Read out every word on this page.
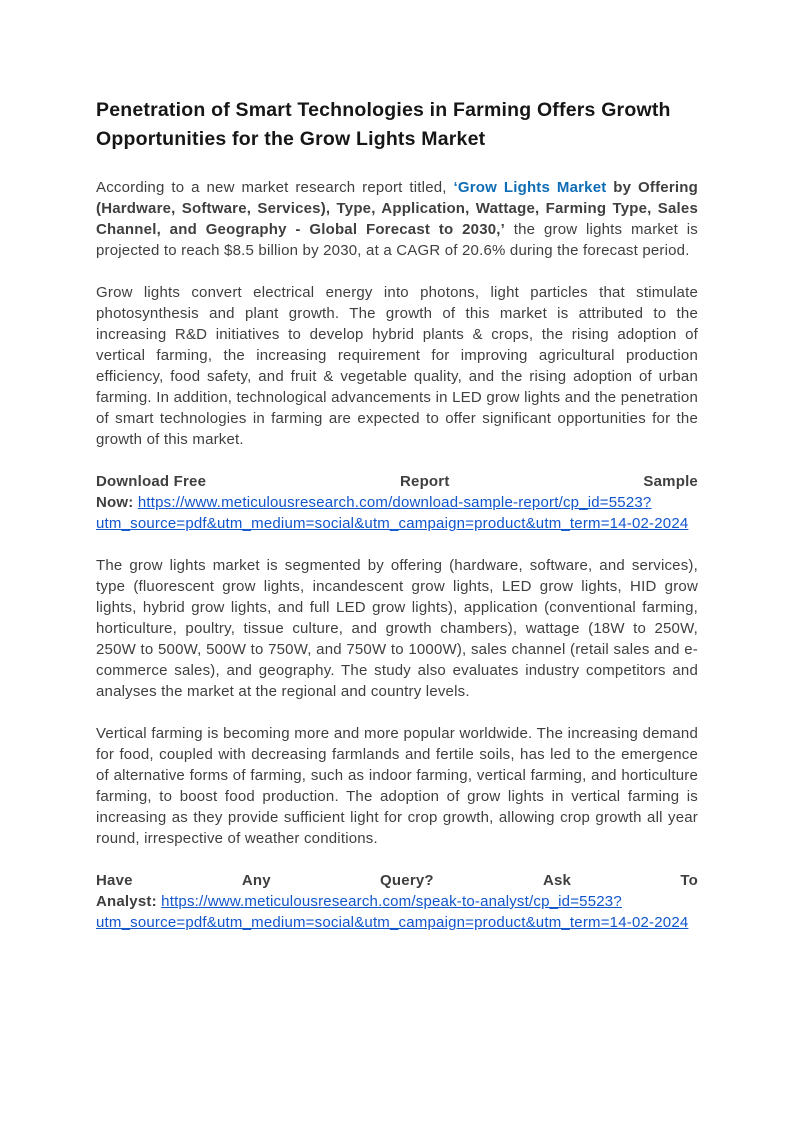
Penetration of Smart Technologies in Farming Offers Growth Opportunities for the Grow Lights Market

According to a new market research report titled, ‘Grow Lights Market by Offering (Hardware, Software, Services), Type, Application, Wattage, Farming Type, Sales Channel, and Geography - Global Forecast to 2030,’ the grow lights market is projected to reach $8.5 billion by 2030, at a CAGR of 20.6% during the forecast period.

Grow lights convert electrical energy into photons, light particles that stimulate photosynthesis and plant growth. The growth of this market is attributed to the increasing R&D initiatives to develop hybrid plants & crops, the rising adoption of vertical farming, the increasing requirement for improving agricultural production efficiency, food safety, and fruit & vegetable quality, and the rising adoption of urban farming. In addition, technological advancements in LED grow lights and the penetration of smart technologies in farming are expected to offer significant opportunities for the growth of this market.

Download Free	Report	Sample
Now: https://www.meticulousresearch.com/download-sample-report/cp_id=5523?utm_source=pdf&utm_medium=social&utm_campaign=product&utm_term=14-02-2024

The grow lights market is segmented by offering (hardware, software, and services), type (fluorescent grow lights, incandescent grow lights, LED grow lights, HID grow lights, hybrid grow lights, and full LED grow lights), application (conventional farming, horticulture, poultry, tissue culture, and growth chambers), wattage (18W to 250W, 250W to 500W, 500W to 750W, and 750W to 1000W), sales channel (retail sales and e-commerce sales), and geography. The study also evaluates industry competitors and analyses the market at the regional and country levels.

Vertical farming is becoming more and more popular worldwide. The increasing demand for food, coupled with decreasing farmlands and fertile soils, has led to the emergence of alternative forms of farming, such as indoor farming, vertical farming, and horticulture farming, to boost food production. The adoption of grow lights in vertical farming is increasing as they provide sufficient light for crop growth, allowing crop growth all year round, irrespective of weather conditions.

Have	Any	Query?	Ask	To
Analyst: https://www.meticulousresearch.com/speak-to-analyst/cp_id=5523?utm_source=pdf&utm_medium=social&utm_campaign=product&utm_term=14-02-2024
